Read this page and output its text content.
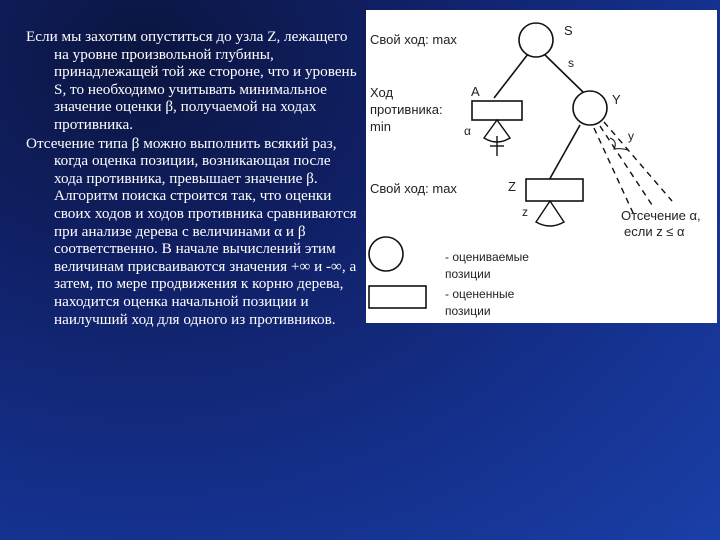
Если мы захотим опуститься до узла Z, лежащего на уровне произвольной глубины, принадлежащей той же стороне, что и уровень S, то необходимо учитывать минимальное значение оценки β, получаемой на ходах противника.

Отсечение типа β можно выполнить всякий раз, когда оценка позиции, возникающая после хода противника, превышает значение β. Алгоритм поиска строится так, что оценки своих ходов и ходов противника сравниваются при анализе дерева с величинами α и β соответственно. В начале вычислений этим величинам присваиваются значения +∞ и -∞, а затем, по мере продвижения к корню дерева, находится оценка начальной позиции и наилучший ход для одного из противников.

Свой ход: max
Ход
противника:
min
Свой ход: max
S
s
A
α
Y
y
Z
z	Отсечение α,
если z ≤ α
- оцениваемые
позиции
- оцененные
позиции
